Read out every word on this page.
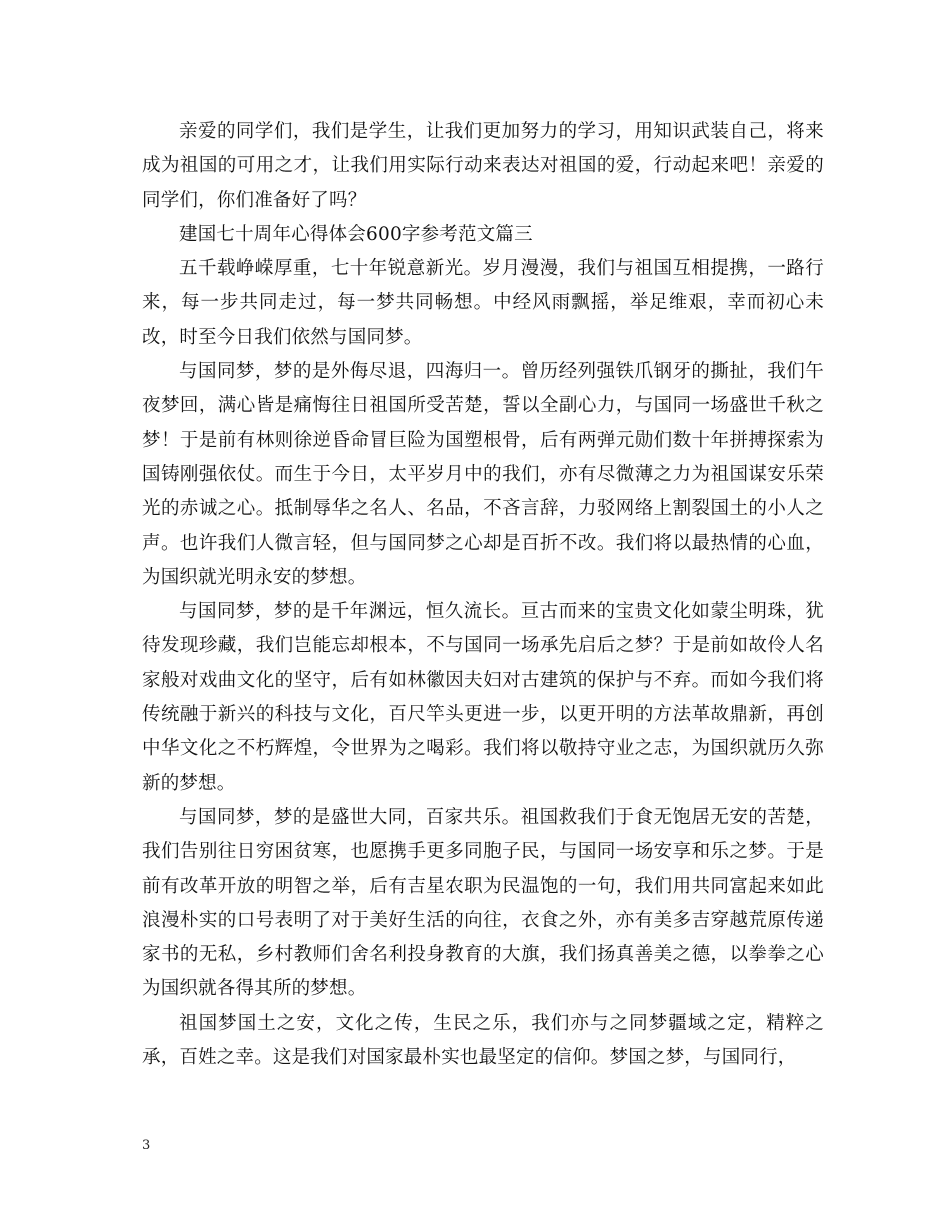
亲爱的同学们，我们是学生，让我们更加努力的学习，用知识武装自己，将来成为祖国的可用之才，让我们用实际行动来表达对祖国的爱，行动起来吧！亲爱的同学们，你们准备好了吗？

建国七十周年心得体会600字参考范文篇三

五千载峥嵘厚重，七十年锐意新光。岁月漫漫，我们与祖国互相提携，一路行来，每一步共同走过，每一梦共同畅想。中经风雨飘摇，举足维艰，幸而初心未改，时至今日我们依然与国同梦。

与国同梦，梦的是外侮尽退，四海归一。曾历经列强铁爪钢牙的撕扯，我们午夜梦回，满心皆是痛悔往日祖国所受苦楚，誓以全副心力，与国同一场盛世千秋之梦！于是前有林则徐逆昏命冒巨险为国塑根骨，后有两弹元勋们数十年拼搏探索为国铸刚强依仗。而生于今日，太平岁月中的我们，亦有尽微薄之力为祖国谋安乐荣光的赤诚之心。抵制辱华之名人、名品，不吝言辞，力驳网络上割裂国土的小人之声。也许我们人微言轻，但与国同梦之心却是百折不改。我们将以最热情的心血，为国织就光明永安的梦想。

与国同梦，梦的是千年渊远，恒久流长。亘古而来的宝贵文化如蒙尘明珠，犹待发现珍藏，我们岂能忘却根本，不与国同一场承先启后之梦？于是前如故伶人名家般对戏曲文化的坚守，后有如林徽因夫妇对古建筑的保护与不弃。而如今我们将传统融于新兴的科技与文化，百尺竿头更进一步，以更开明的方法革故鼎新，再创中华文化之不朽辉煌，令世界为之喝彩。我们将以敬持守业之志，为国织就历久弥新的梦想。

与国同梦，梦的是盛世大同，百家共乐。祖国救我们于食无饱居无安的苦楚，我们告别往日穷困贫寒，也愿携手更多同胞子民，与国同一场安享和乐之梦。于是前有改革开放的明智之举，后有吉星农职为民温饱的一句，我们用共同富起来如此浪漫朴实的口号表明了对于美好生活的向往，衣食之外，亦有美多吉穿越荒原传递家书的无私，乡村教师们舍名利投身教育的大旗，我们扬真善美之德，以拳拳之心为国织就各得其所的梦想。

祖国梦国土之安，文化之传，生民之乐，我们亦与之同梦疆域之定，精粹之承，百姓之幸。这是我们对国家最朴实也最坚定的信仰。梦国之梦，与国同行，

3
